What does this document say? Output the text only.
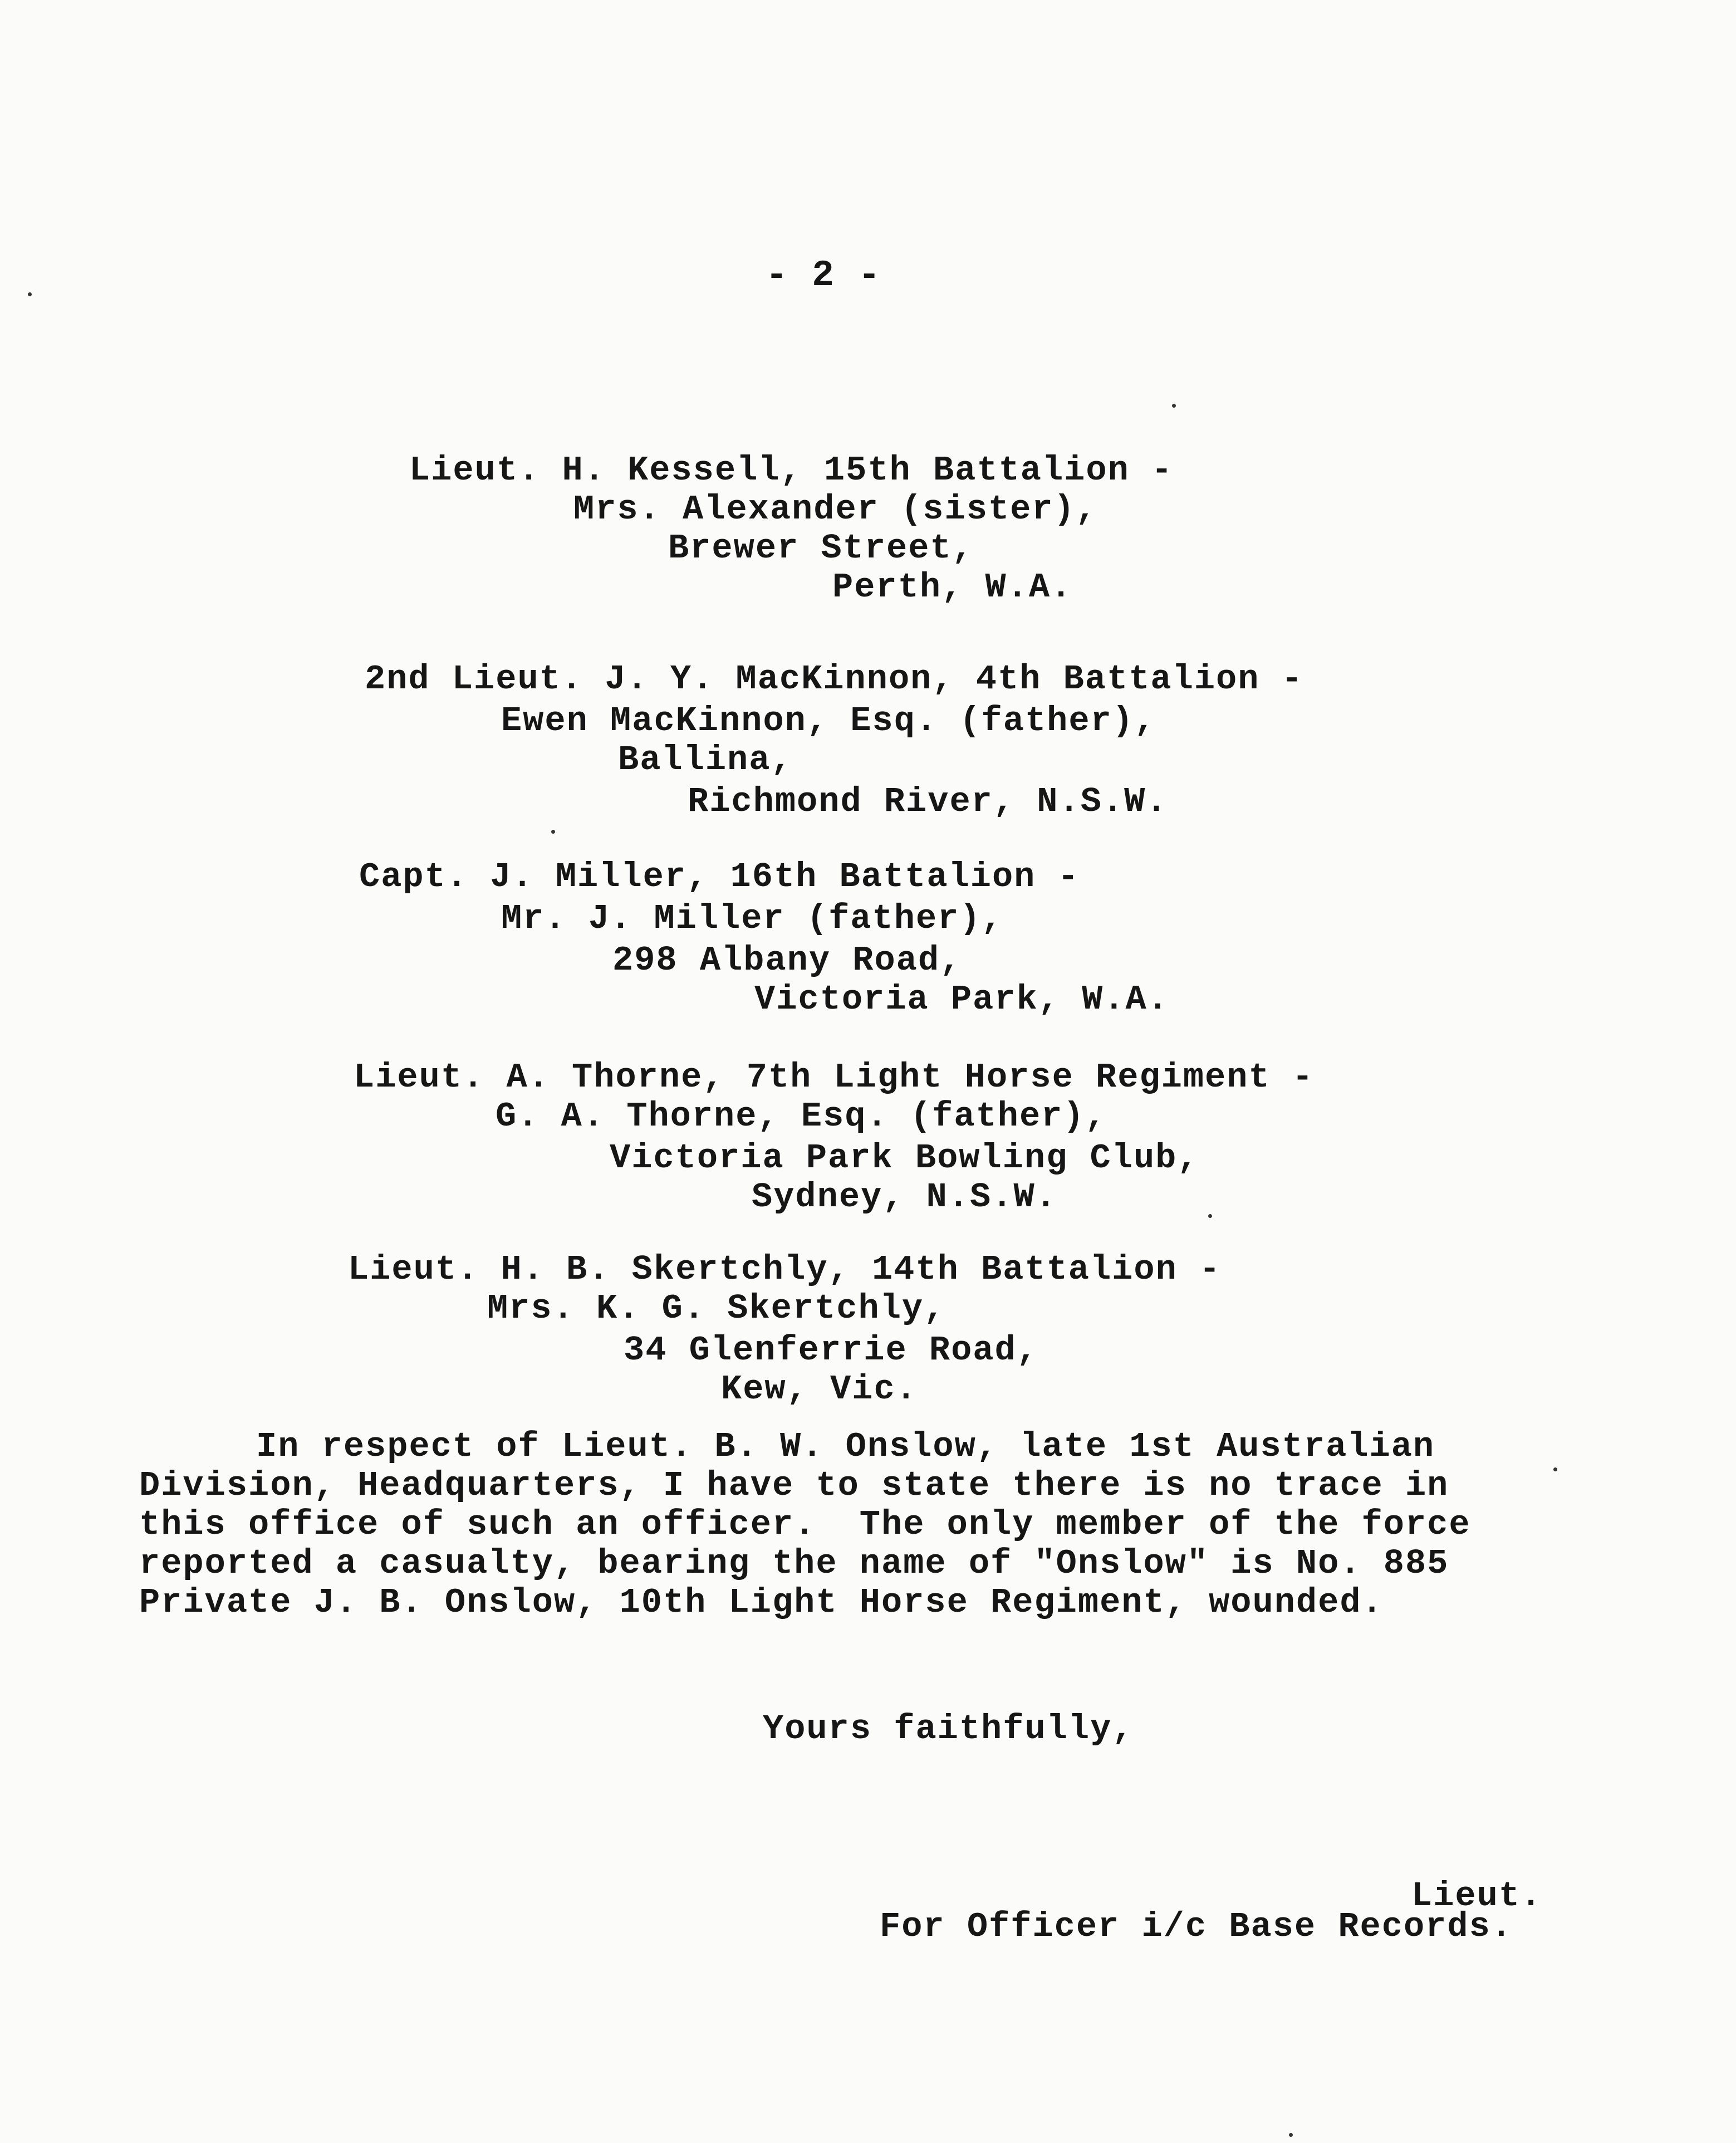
- 2 -
Lieut. H. Kessell, 15th Battalion -
Mrs. Alexander (sister),
Brewer Street,
Perth, W.A.
2nd Lieut. J. Y. MacKinnon, 4th Battalion -
Ewen MacKinnon, Esq. (father),
Ballina,
Richmond River, N.S.W.
Capt. J. Miller, 16th Battalion -
Mr. J. Miller (father),
298 Albany Road,
Victoria Park, W.A.
Lieut. A. Thorne, 7th Light Horse Regiment -
G. A. Thorne, Esq. (father),
Victoria Park Bowling Club,
Sydney, N.S.W.
Lieut. H. B. Skertchly, 14th Battalion -
Mrs. K. G. Skertchly,
34 Glenferrie Road,
Kew, Vic.
In respect of Lieut. B. W. Onslow, late 1st Australian
Division, Headquarters, I have to state there is no trace in
this office of such an officer.  The only member of the force
reported a casualty, bearing the name of "Onslow" is No. 885
Private J. B. Onslow, 10th Light Horse Regiment, wounded.
Yours faithfully,
Lieut.
For Officer i/c Base Records.
